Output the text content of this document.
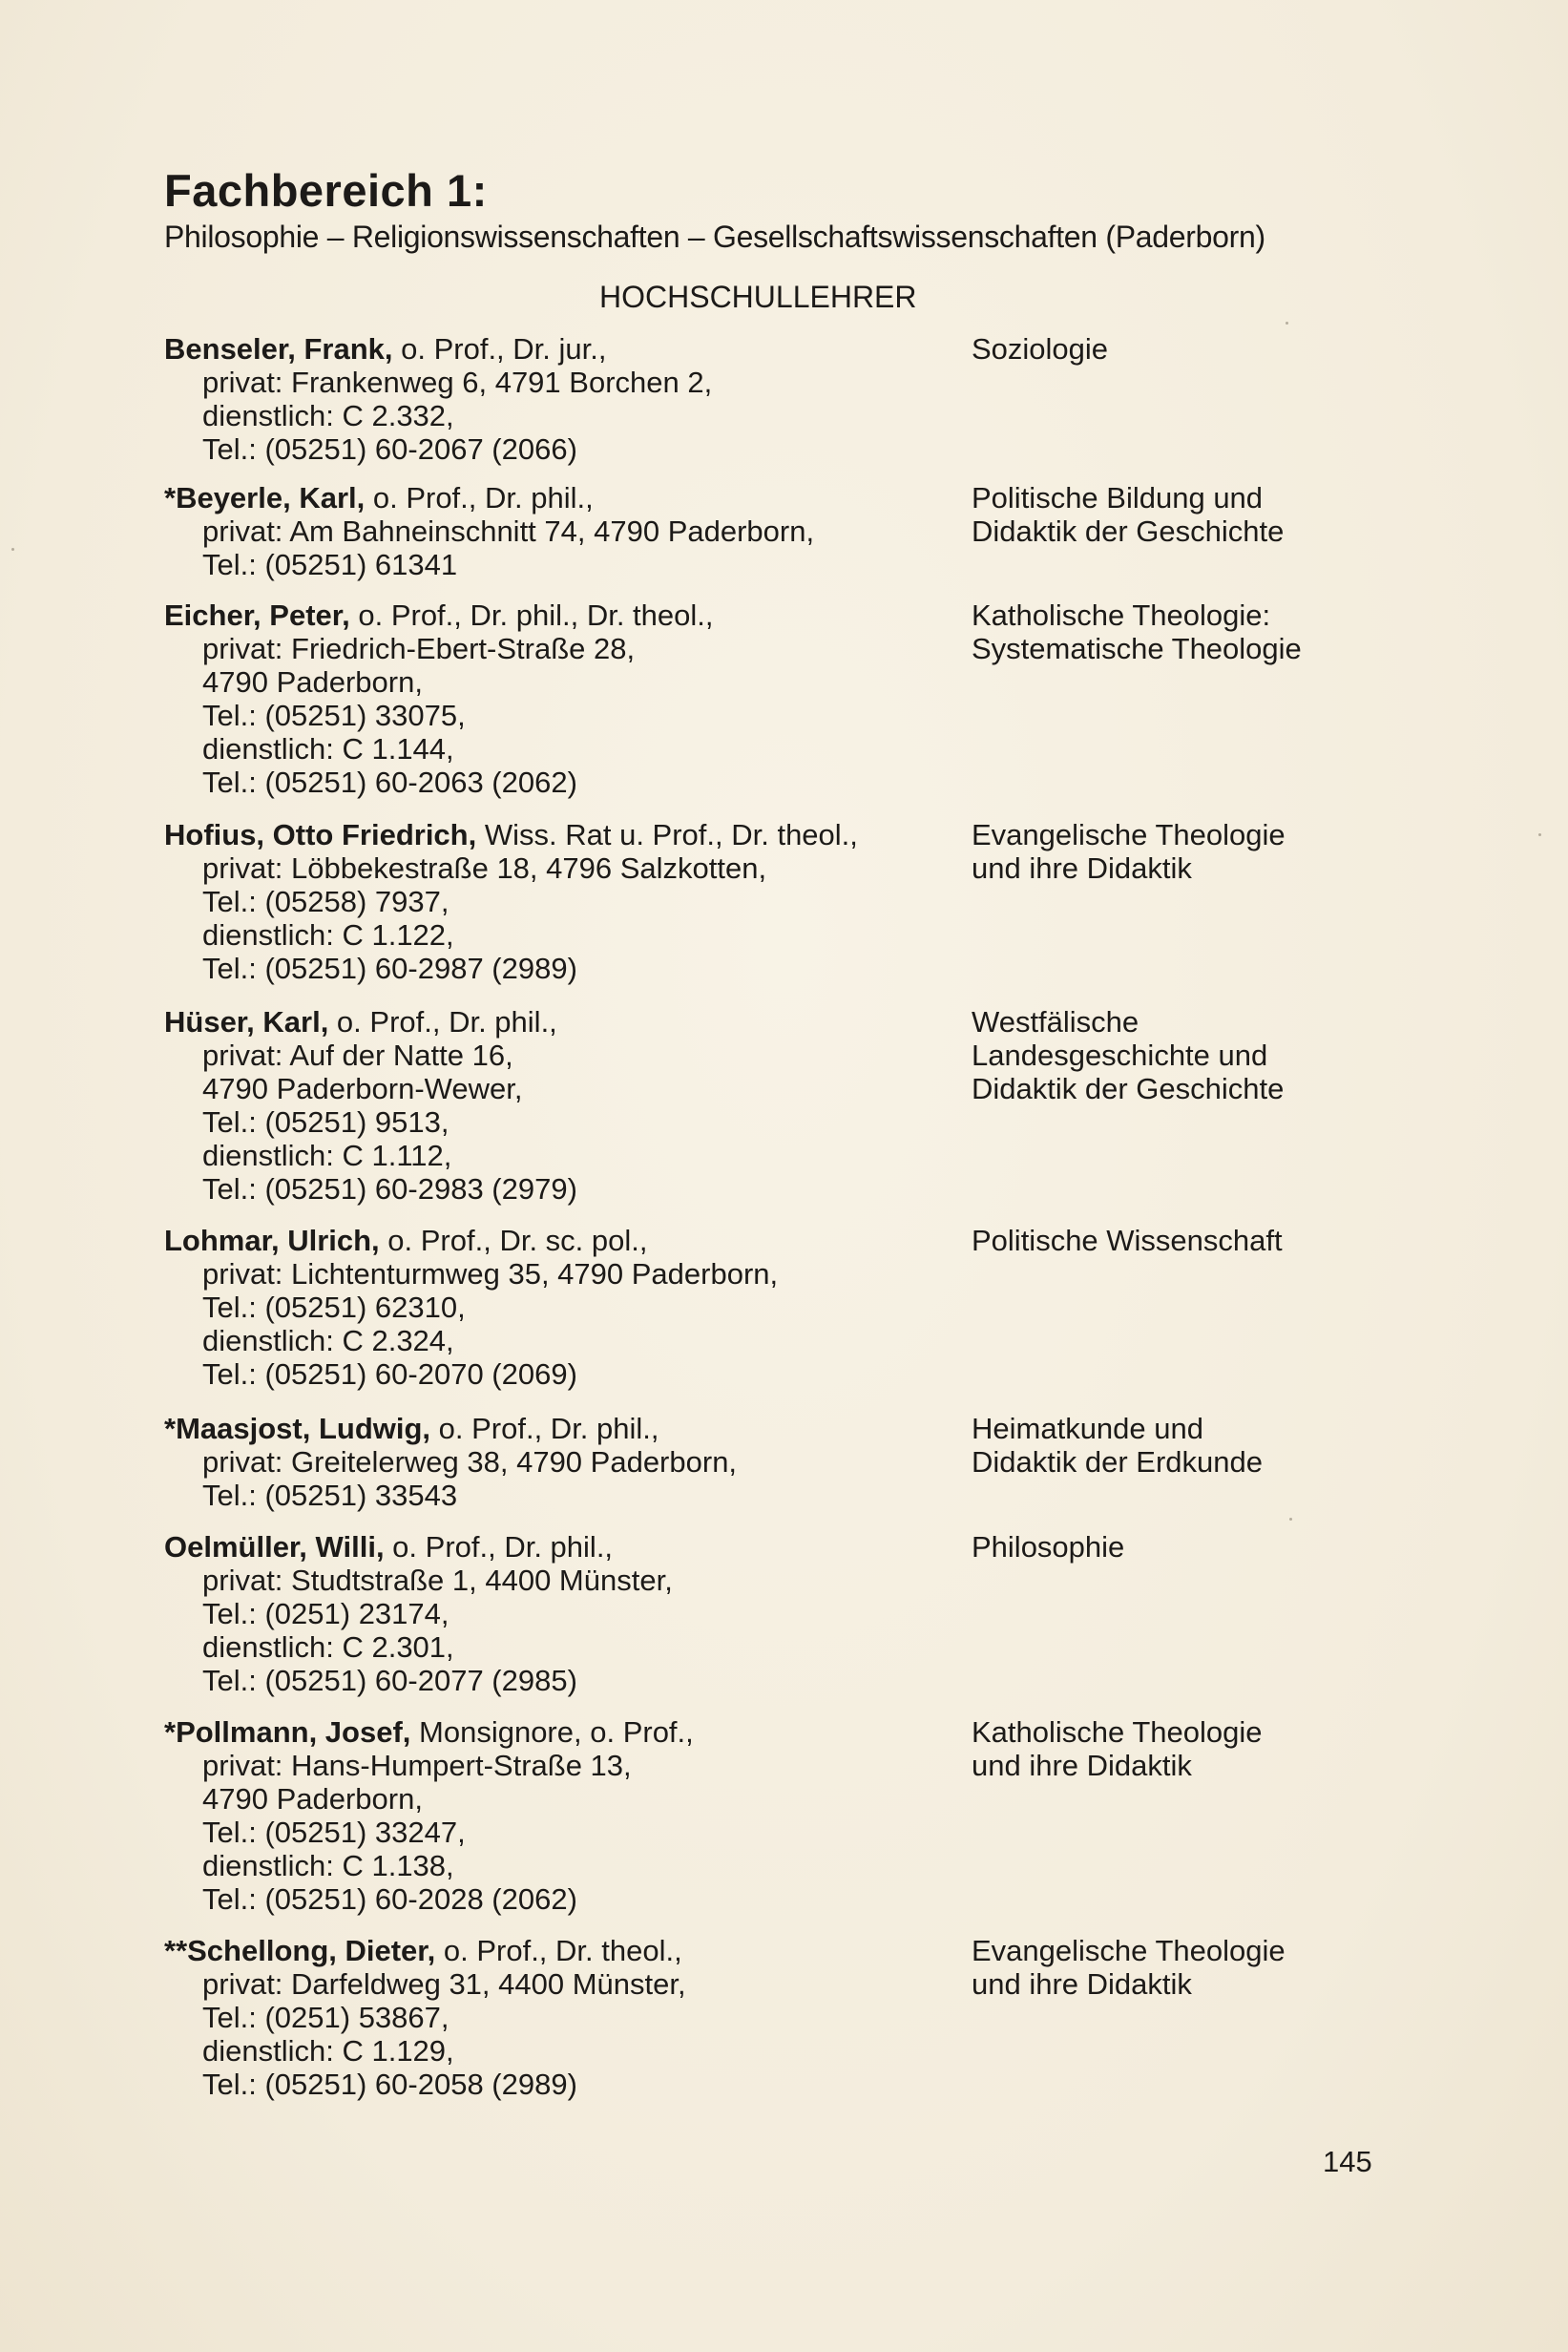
Fachbereich 1:
Philosophie – Religionswissenschaften – Gesellschaftswissenschaften (Paderborn)
HOCHSCHULLEHRER
Benseler, Frank, o. Prof., Dr. jur.,
privat: Frankenweg 6, 4791 Borchen 2,
dienstlich: C 2.332,
Tel.: (05251) 60-2067 (2066)
Soziologie
*Beyerle, Karl, o. Prof., Dr. phil.,
privat: Am Bahneinschnitt 74, 4790 Paderborn,
Tel.: (05251) 61341
Politische Bildung und
Didaktik der Geschichte
Eicher, Peter, o. Prof., Dr. phil., Dr. theol.,
privat: Friedrich-Ebert-Straße 28,
4790 Paderborn,
Tel.: (05251) 33075,
dienstlich: C 1.144,
Tel.: (05251) 60-2063 (2062)
Katholische Theologie:
Systematische Theologie
Hofius, Otto Friedrich, Wiss. Rat u. Prof., Dr. theol.,
privat: Löbbekestraße 18, 4796 Salzkotten,
Tel.: (05258) 7937,
dienstlich: C 1.122,
Tel.: (05251) 60-2987 (2989)
Evangelische Theologie
und ihre Didaktik
Hüser, Karl, o. Prof., Dr. phil.,
privat: Auf der Natte 16,
4790 Paderborn-Wewer,
Tel.: (05251) 9513,
dienstlich: C 1.112,
Tel.: (05251) 60-2983 (2979)
Westfälische
Landesgeschichte und
Didaktik der Geschichte
Lohmar, Ulrich, o. Prof., Dr. sc. pol.,
privat: Lichtenturmweg 35, 4790 Paderborn,
Tel.: (05251) 62310,
dienstlich: C 2.324,
Tel.: (05251) 60-2070 (2069)
Politische Wissenschaft
*Maasjost, Ludwig, o. Prof., Dr. phil.,
privat: Greitelerweg 38, 4790 Paderborn,
Tel.: (05251) 33543
Heimatkunde und
Didaktik der Erdkunde
Oelmüller, Willi, o. Prof., Dr. phil.,
privat: Studtstraße 1, 4400 Münster,
Tel.: (0251) 23174,
dienstlich: C 2.301,
Tel.: (05251) 60-2077 (2985)
Philosophie
*Pollmann, Josef, Monsignore, o. Prof.,
privat: Hans-Humpert-Straße 13,
4790 Paderborn,
Tel.: (05251) 33247,
dienstlich: C 1.138,
Tel.: (05251) 60-2028 (2062)
Katholische Theologie
und ihre Didaktik
**Schellong, Dieter, o. Prof., Dr. theol.,
privat: Darfeldweg 31, 4400 Münster,
Tel.: (0251) 53867,
dienstlich: C 1.129,
Tel.: (05251) 60-2058 (2989)
Evangelische Theologie
und ihre Didaktik
145
